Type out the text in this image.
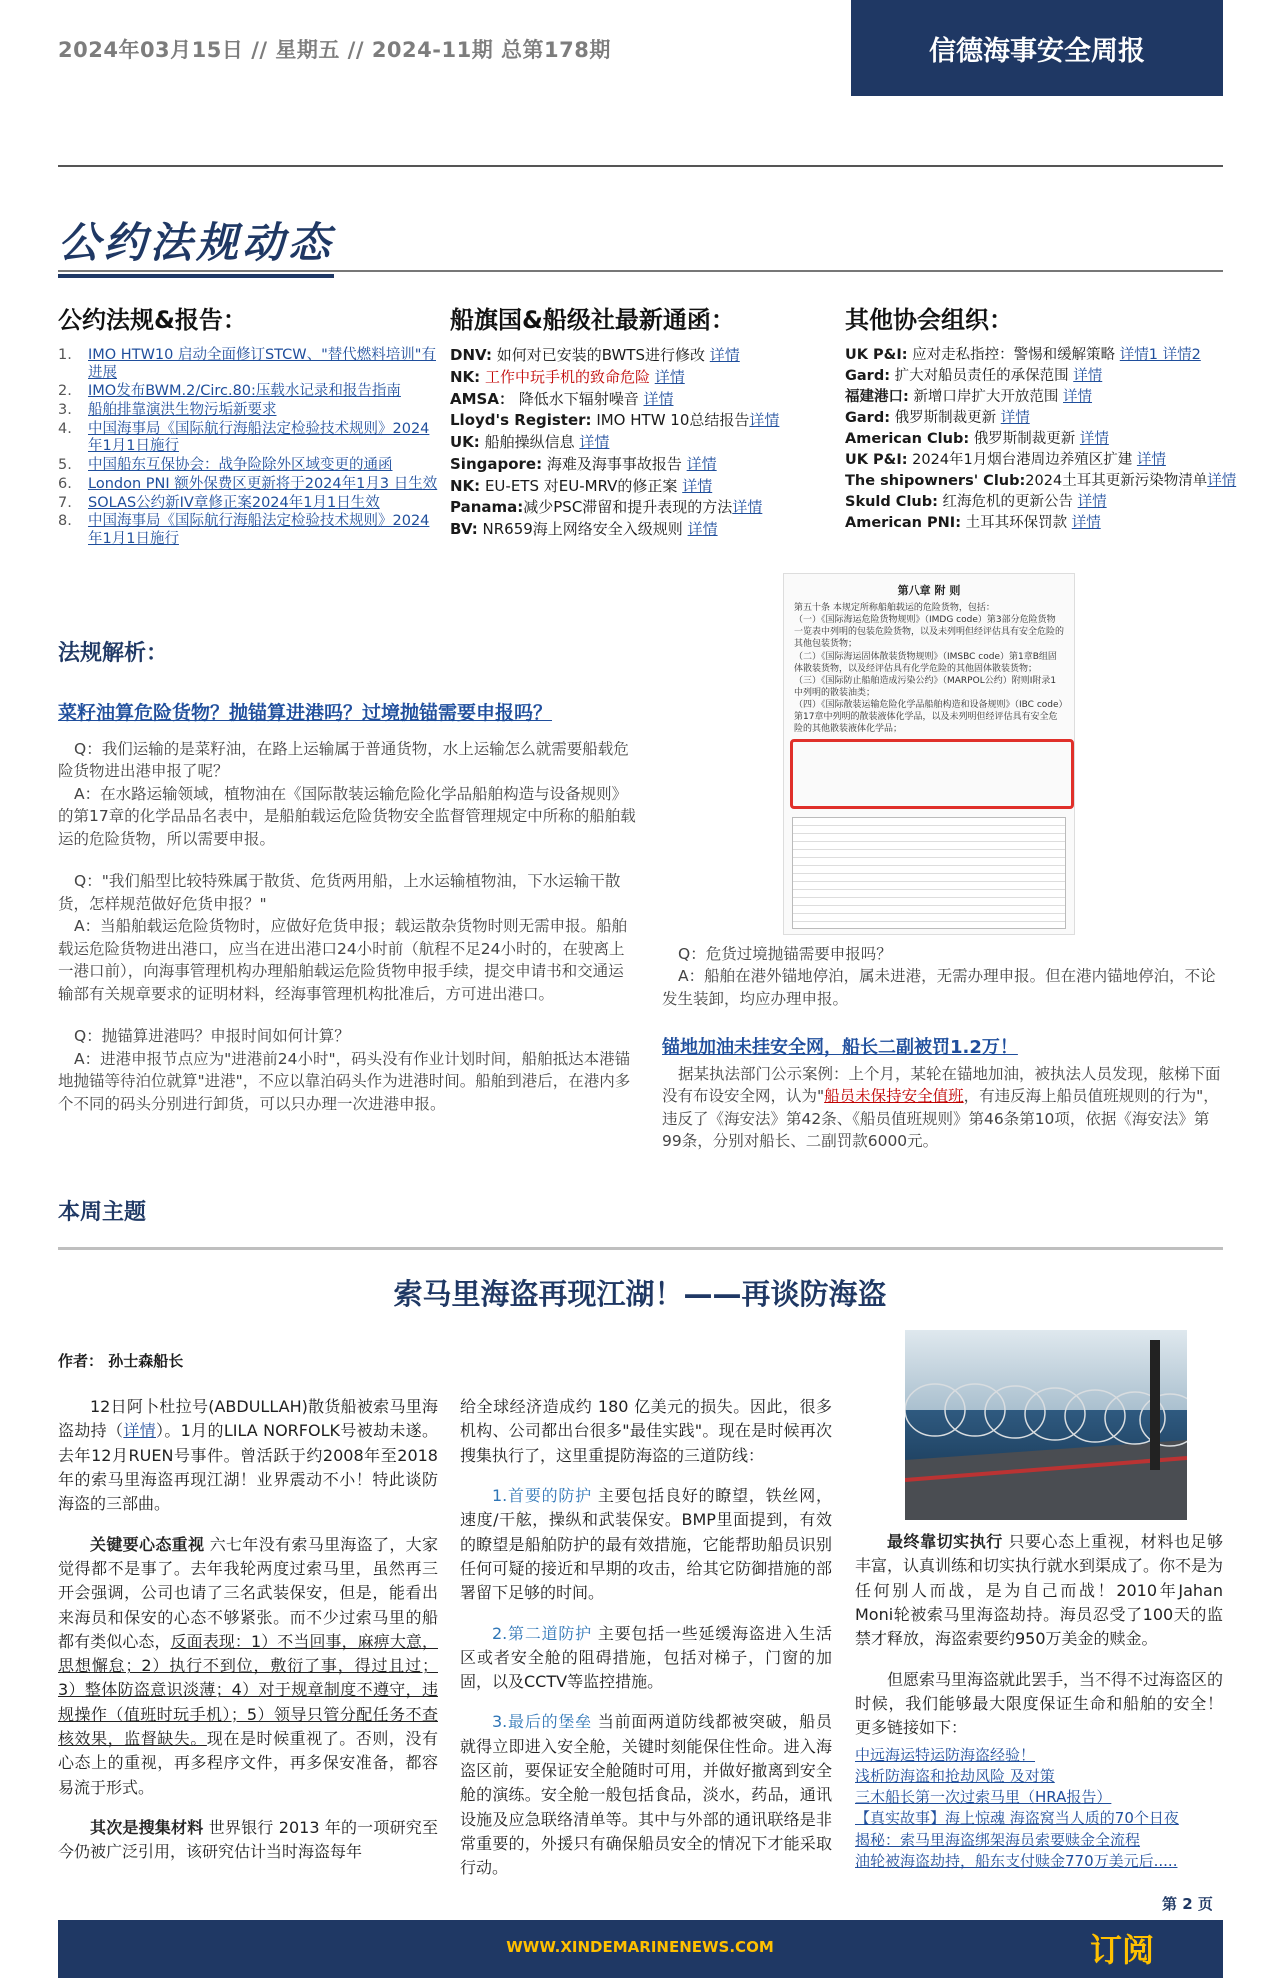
2024年03月15日 // 星期五 // 2024-11期 总第178期	信德海事安全周报
公约法规动态
公约法规&报告：
1. IMO HTW10 启动全面修订STCW、"替代燃料培训"有进展
2. IMO发布BWM.2/Circ.80:压载水记录和报告指南
3. 船舶排靠演洪生物污垢新要求
4. 中国海事局《国际航行海船法定检验技术规则》2024年1月1日施行
5. 中国船东互保协会：战争险除外区域变更的通函
6. London PNI 额外保费区更新将于2024年1月3 日生效
7. SOLAS公约新IV章修正案2024年1月1日生效
8. 中国海事局《国际航行海船法定检验技术规则》2024年1月1日施行
船旗国&船级社最新通函：
DNV: 如何对已安装的BWTS进行修改 详情
NK: 工作中玩手机的致命危险 详情
AMSA： 降低水下辐射噪音 详情
Lloyd's Register: IMO HTW 10总结报告详情
UK: 船舶操纵信息 详情
Singapore: 海难及海事事故报告 详情
NK: EU-ETS 对EU-MRV的修正案 详情
Panama:减少PSC滞留和提升表现的方法详情
BV: NR659海上网络安全入级规则 详情
其他协会组织：
UK P&I: 应对走私指控：警惕和缓解策略 详情1 详情2
Gard: 扩大对船员责任的承保范围 详情
福建港口: 新增口岸扩大开放范围 详情
Gard: 俄罗斯制裁更新 详情
American Club: 俄罗斯制裁更新 详情
UK P&I: 2024年1月烟台港周边养殖区扩建 详情
The shipowners' Club:2024土耳其更新污染物清单详情
Skuld Club: 红海危机的更新公告 详情
American PNI: 土耳其环保罚款 详情
法规解析：
菜籽油算危险货物？抛锚算进港吗？过境抛锚需要申报吗？

Q：我们运输的是菜籽油，在路上运输属于普通货物，水上运输怎么就需要船载危险货物进出港申报了呢？

A：在水路运输领域，植物油在《国际散装运输危险化学品船舶构造与设备规则》的第17章的化学品品名表中，是船舶载运危险货物安全监督管理规定中所称的船舶载运的危险货物，所以需要申报。

Q："我们船型比较特殊属于散货、危货两用船，上水运输植物油，下水运输干散货，怎样规范做好危货申报？"

A：当船舶载运危险货物时，应做好危货申报；载运散杂货物时则无需申报。船舶载运危险货物进出港口，应当在进出港口24小时前（航程不足24小时的，在驶离上一港口前），向海事管理机构办理船舶载运危险货物申报手续，提交申请书和交通运输部有关规章要求的证明材料，经海事管理机构批准后，方可进出港口。

Q：抛锚算进港吗？申报时间如何计算？

A：进港申报节点应为"进港前24小时"，码头没有作业计划时间，船舶抵达本港锚地抛锚等待泊位就算"进港"，不应以靠泊码头作为进港时间。船舶到港后，在港内多个不同的码头分别进行卸货，可以只办理一次进港申报。

第八章 附 则
第五十条 本规定所称船舶载运的危险货物，包括：
（一）《国际海运危险货物规则》（IMDG code）第3部分危险货物一览表中列明的包装危险货物，以及未列明但经评估具有安全危险的其他包装货物；
（二）《国际海运固体散装货物规则》（IMSBC code）第1章B组固体散装货物，以及经评估具有化学危险的其他固体散装货物；
（三）《国际防止船舶造成污染公约》（MARPOL公约）附则I附录1中列明的散装油类；
（四）《国际散装运输危险化学品船舶构造和设备规则》（IBC code）第17章中列明的散装液体化学品，以及未列明但经评估具有安全危险的其他散装液体化学品；

Q：危货过境抛锚需要申报吗？

A：船舶在港外锚地停泊，属未进港，无需办理申报。但在港内锚地停泊，不论发生装卸，均应办理申报。

锚地加油未挂安全网，船长二副被罚1.2万！
据某执法部门公示案例：上个月，某轮在锚地加油，被执法人员发现，舷梯下面没有布设安全网，认为"船员未保持安全值班，有违反海上船员值班规则的行为"，违反了《海安法》第42条、《船员值班规则》第46条第10项，依据《海安法》第99条，分别对船长、二副罚款6000元。
本周主题
索马里海盗再现江湖！——再谈防海盗
作者： 孙士森船长

12日阿卜杜拉号(ABDULLAH)散货船被索马里海盗劫持（详情）。1月的LILA NORFOLK号被劫未遂。去年12月RUEN号事件。曾活跃于约2008年至2018年的索马里海盗再现江湖！业界震动不小！特此谈防海盗的三部曲。

关键要心态重视 六七年没有索马里海盗了，大家觉得都不是事了。去年我轮两度过索马里，虽然再三开会强调，公司也请了三名武装保安，但是，能看出来海员和保安的心态不够紧张。而不少过索马里的船都有类似心态，反面表现：1）不当回事，麻痹大意，思想懈怠；2）执行不到位，敷衍了事，得过且过；3）整体防盗意识淡薄；4）对于规章制度不遵守，违规操作（值班时玩手机）；5）领导只管分配任务不查核效果，监督缺失。现在是时候重视了。否则，没有心态上的重视，再多程序文件，再多保安准备，都容易流于形式。

其次是搜集材料 世界银行 2013 年的一项研究至今仍被广泛引用，该研究估计当时海盗每年

给全球经济造成约 180 亿美元的损失。因此，很多机构、公司都出台很多"最佳实践"。现在是时候再次搜集执行了，这里重提防海盗的三道防线：

1.首要的防护 主要包括良好的瞭望，铁丝网，速度/干舷，操纵和武装保安。BMP里面提到，有效的瞭望是船舶防护的最有效措施，它能帮助船员识别任何可疑的接近和早期的攻击，给其它防御措施的部署留下足够的时间。

2.第二道防护 主要包括一些延缓海盗进入生活区或者安全舱的阻碍措施，包括对梯子，门窗的加固，以及CCTV等监控措施。

3.最后的堡垒 当前面两道防线都被突破，船员就得立即进入安全舱，关键时刻能保住性命。进入海盗区前，要保证安全舱随时可用，并做好撤离到安全舱的演练。安全舱一般包括食品，淡水，药品，通讯设施及应急联络清单等。其中与外部的通讯联络是非常重要的，外援只有确保船员安全的情况下才能采取行动。

最终靠切实执行 只要心态上重视，材料也足够丰富，认真训练和切实执行就水到渠成了。你不是为任何别人而战，是为自己而战！2010年Jahan Moni轮被索马里海盗劫持。海员忍受了100天的监禁才释放，海盗索要约950万美金的赎金。

但愿索马里海盗就此罢手，当不得不过海盗区的时候，我们能够最大限度保证生命和船舶的安全！ 更多链接如下：

中远海运特运防海盗经验！
浅析防海盗和抢劫风险 及对策
三木船长第一次过索马里（HRA报告）
【真实故事】海上惊魂 海盗窝当人质的70个日夜
揭秘：索马里海盗绑架海员索要赎金全流程
油轮被海盗劫持，船东支付赎金770万美元后.....
第 2 页
WWW.XINDEMARINENEWS.COM	订阅
